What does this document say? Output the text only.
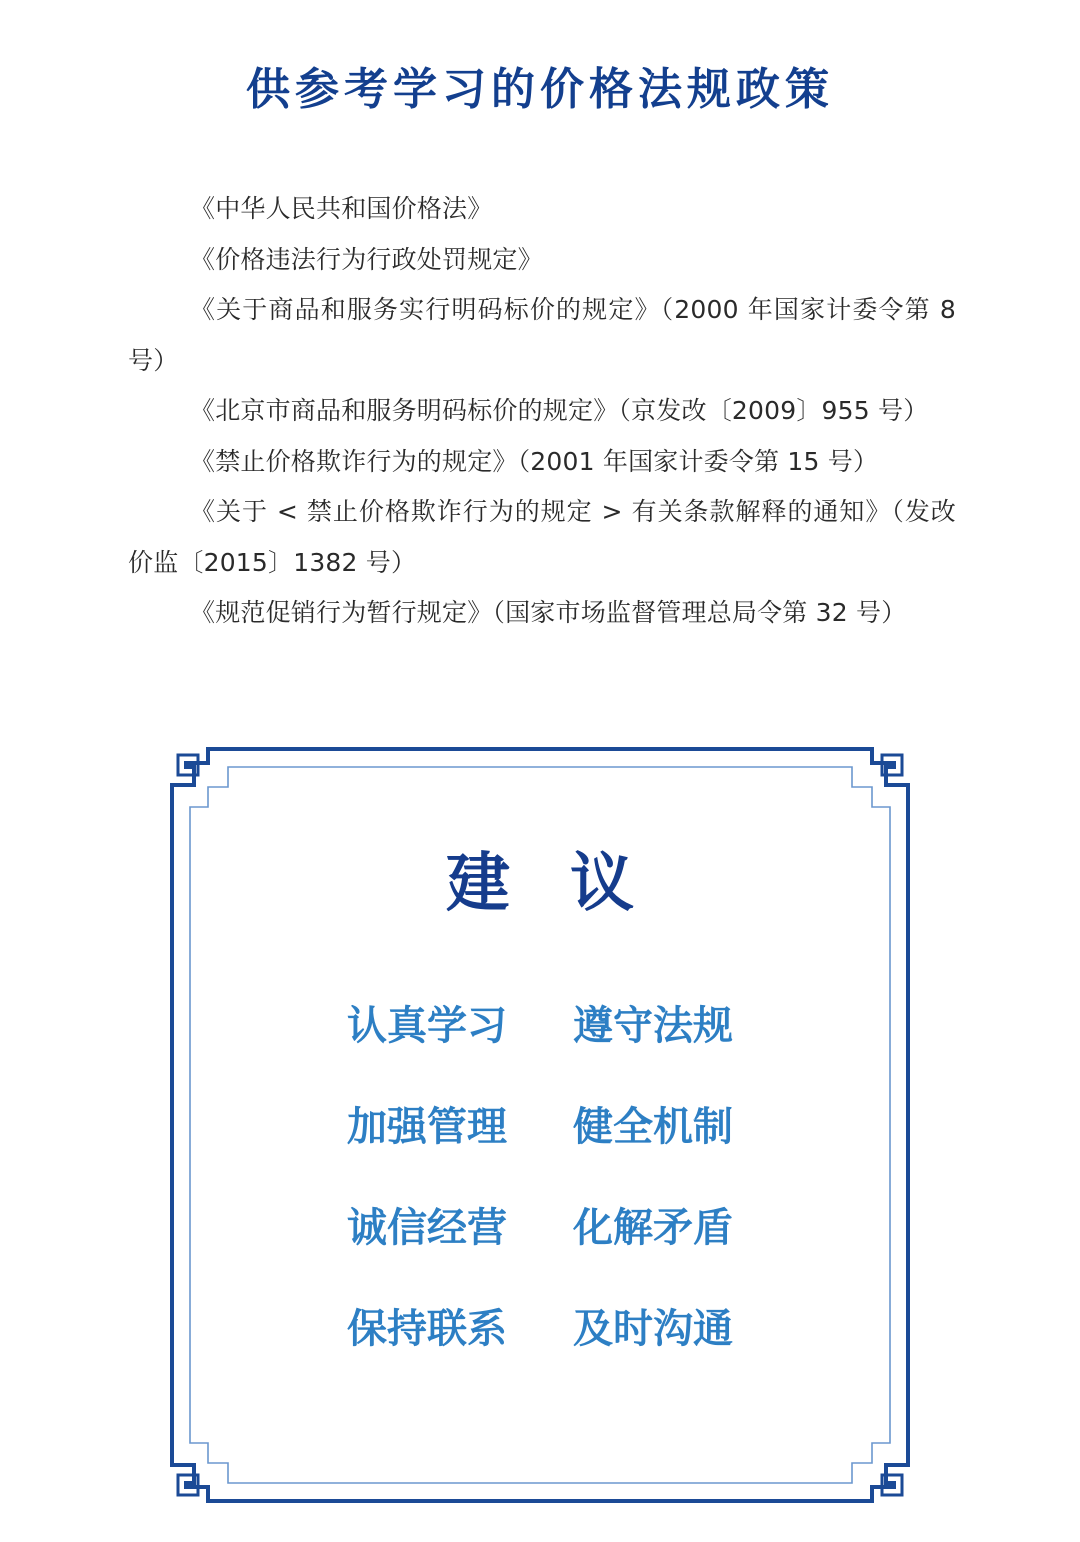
供参考学习的价格法规政策
《中华人民共和国价格法》
《价格违法行为行政处罚规定》
《关于商品和服务实行明码标价的规定》（2000 年国家计委令第 8 号）
《北京市商品和服务明码标价的规定》（京发改〔2009〕955 号）
《禁止价格欺诈行为的规定》（2001 年国家计委令第 15 号）
《关于 < 禁止价格欺诈行为的规定 > 有关条款解释的通知》（发改价监〔2015〕1382 号）
《规范促销行为暂行规定》（国家市场监督管理总局令第 32 号）
建 议
认真学习 遵守法规
加强管理 健全机制
诚信经营 化解矛盾
保持联系 及时沟通
